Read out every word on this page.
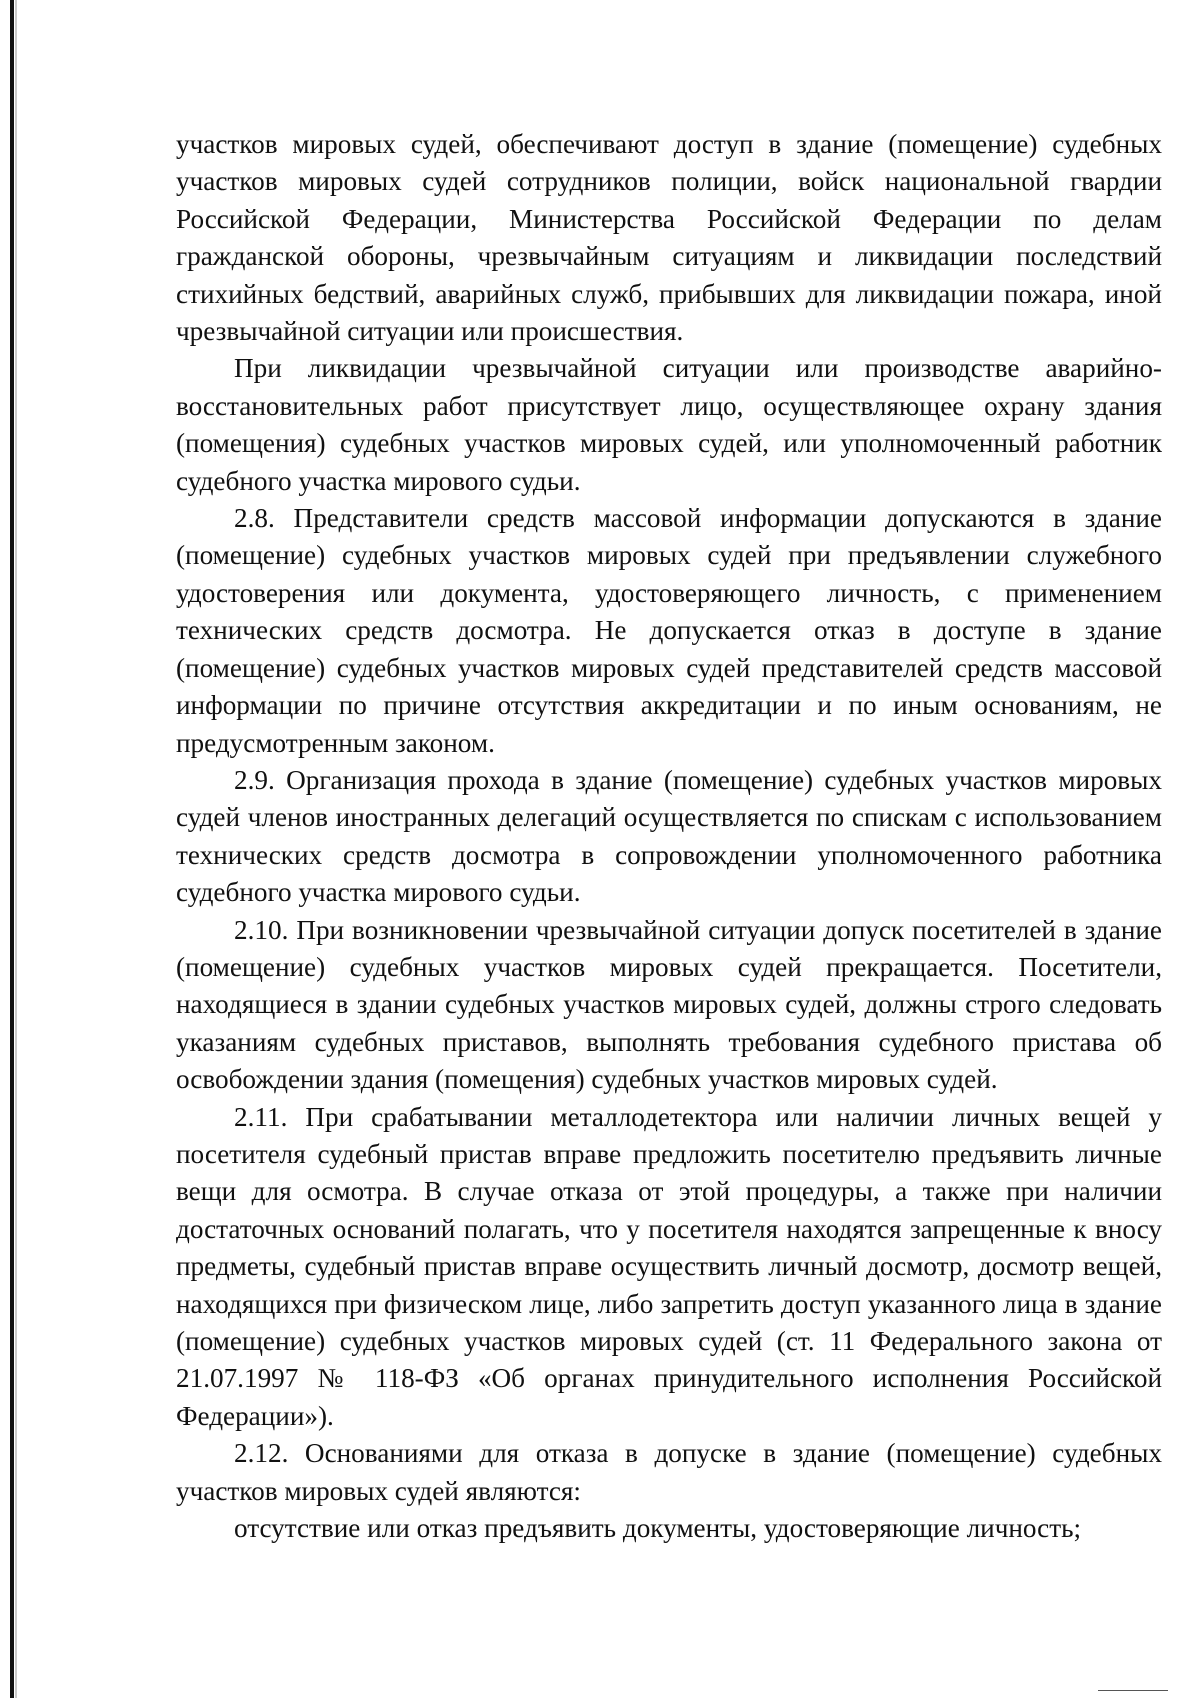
участков мировых судей, обеспечивают доступ в здание (помещение) судебных участков мировых судей сотрудников полиции, войск национальной гвардии Российской Федерации, Министерства Российской Федерации по делам гражданской обороны, чрезвычайным ситуациям и ликвидации последствий стихийных бедствий, аварийных служб, прибывших для ликвидации пожара, иной чрезвычайной ситуации или происшествия.

При ликвидации чрезвычайной ситуации или производстве аварийно-восстановительных работ присутствует лицо, осуществляющее охрану здания (помещения) судебных участков мировых судей, или уполномоченный работник судебного участка мирового судьи.

2.8. Представители средств массовой информации допускаются в здание (помещение) судебных участков мировых судей при предъявлении служебного удостоверения или документа, удостоверяющего личность, с применением технических средств досмотра. Не допускается отказ в доступе в здание (помещение) судебных участков мировых судей представителей средств массовой информации по причине отсутствия аккредитации и по иным основаниям, не предусмотренным законом.

2.9. Организация прохода в здание (помещение) судебных участков мировых судей членов иностранных делегаций осуществляется по спискам с использованием технических средств досмотра в сопровождении уполномоченного работника судебного участка мирового судьи.

2.10. При возникновении чрезвычайной ситуации допуск посетителей в здание (помещение) судебных участков мировых судей прекращается. Посетители, находящиеся в здании судебных участков мировых судей, должны строго следовать указаниям судебных приставов, выполнять требования судебного пристава об освобождении здания (помещения) судебных участков мировых судей.

2.11. При срабатывании металлодетектора или наличии личных вещей у посетителя судебный пристав вправе предложить посетителю предъявить личные вещи для осмотра. В случае отказа от этой процедуры, а также при наличии достаточных оснований полагать, что у посетителя находятся запрещенные к вносу предметы, судебный пристав вправе осуществить личный досмотр, досмотр вещей, находящихся при физическом лице, либо запретить доступ указанного лица в здание (помещение) судебных участков мировых судей (ст. 11 Федерального закона от 21.07.1997 № 118-ФЗ «Об органах принудительного исполнения Российской Федерации»).

2.12. Основаниями для отказа в допуске в здание (помещение) судебных участков мировых судей являются:

отсутствие или отказ предъявить документы, удостоверяющие личность;
